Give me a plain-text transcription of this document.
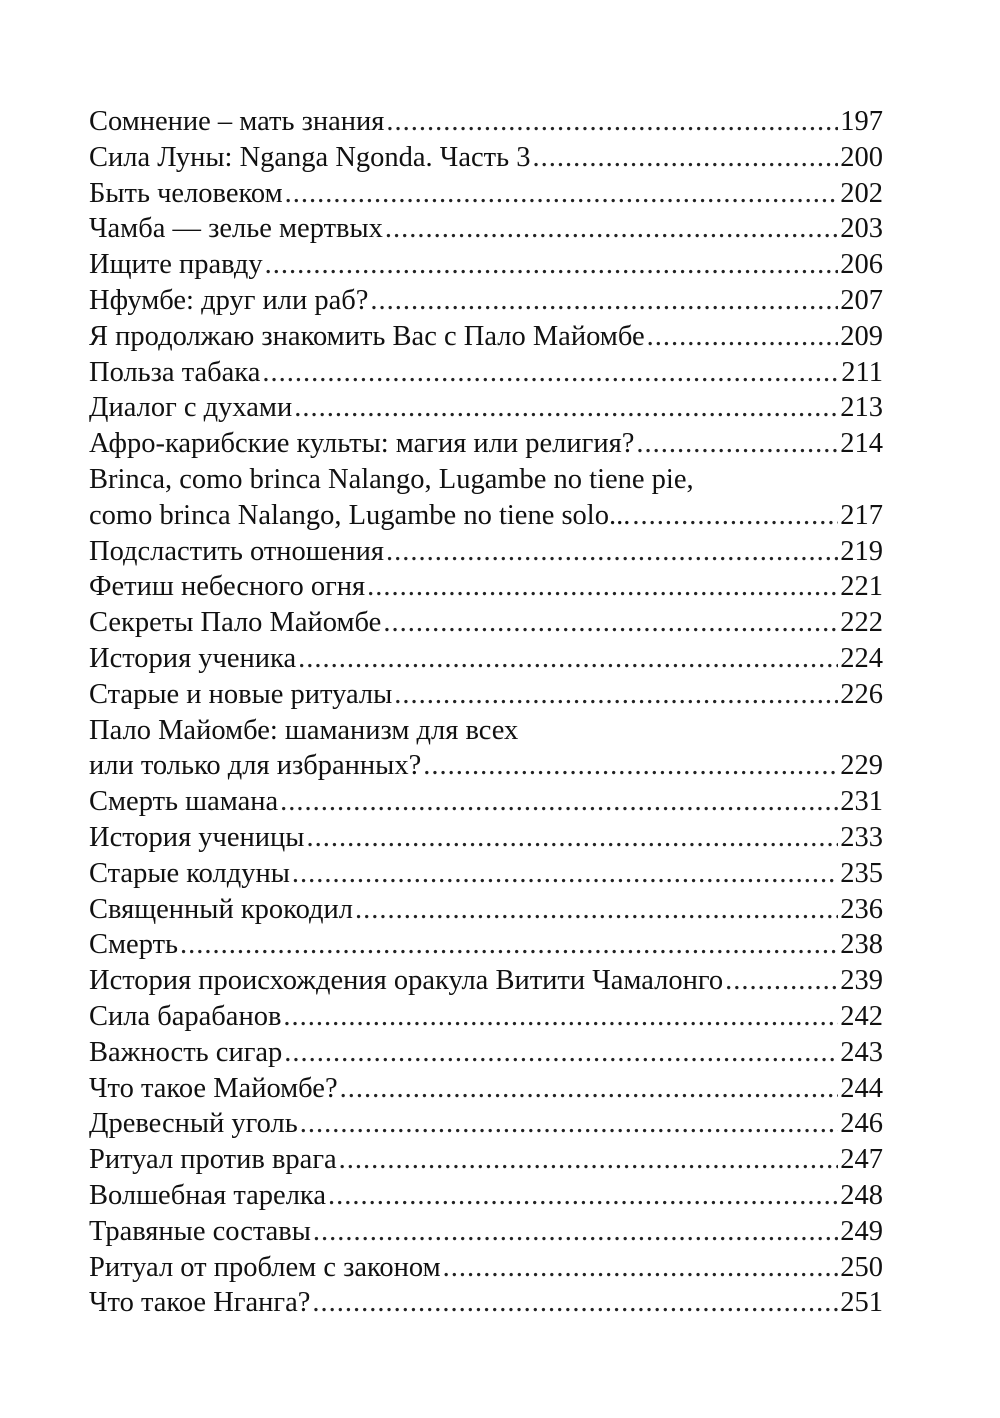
Сомнение – мать знания .....	197
Сила Луны: Nganga Ngonda. Часть 3 .....	200
Быть человеком .....	202
Чамба — зелье мертвых .....	203
Ищите правду .....	206
Нфумбе: друг или раб? .....	207
Я продолжаю знакомить Вас с Пало Майомбе .....	209
Польза табака .....	211
Диалог с духами .....	213
Афро-карибские культы: магия или религия? .....	214
Brinca, como brinca Nalango, Lugambe no tiene pie,
como brinca Nalango, Lugambe no tiene solo... .....	217
Подсластить отношения .....	219
Фетиш небесного огня .....	221
Секреты Пало Майомбе .....	222
История ученика .....	224
Старые и новые ритуалы .....	226
Пало Майомбе: шаманизм для всех
или только для избранных? .....	229
Смерть шамана .....	231
История ученицы .....	233
Старые колдуны .....	235
Священный крокодил .....	236
Смерть .....	238
История происхождения оракула Витити Чамалонго .....	239
Сила барабанов .....	242
Важность сигар .....	243
Что такое Майомбе? .....	244
Древесный уголь .....	246
Ритуал против врага .....	247
Волшебная тарелка .....	248
Травяные составы .....	249
Ритуал от проблем с законом .....	250
Что такое Нганга? .....	251
